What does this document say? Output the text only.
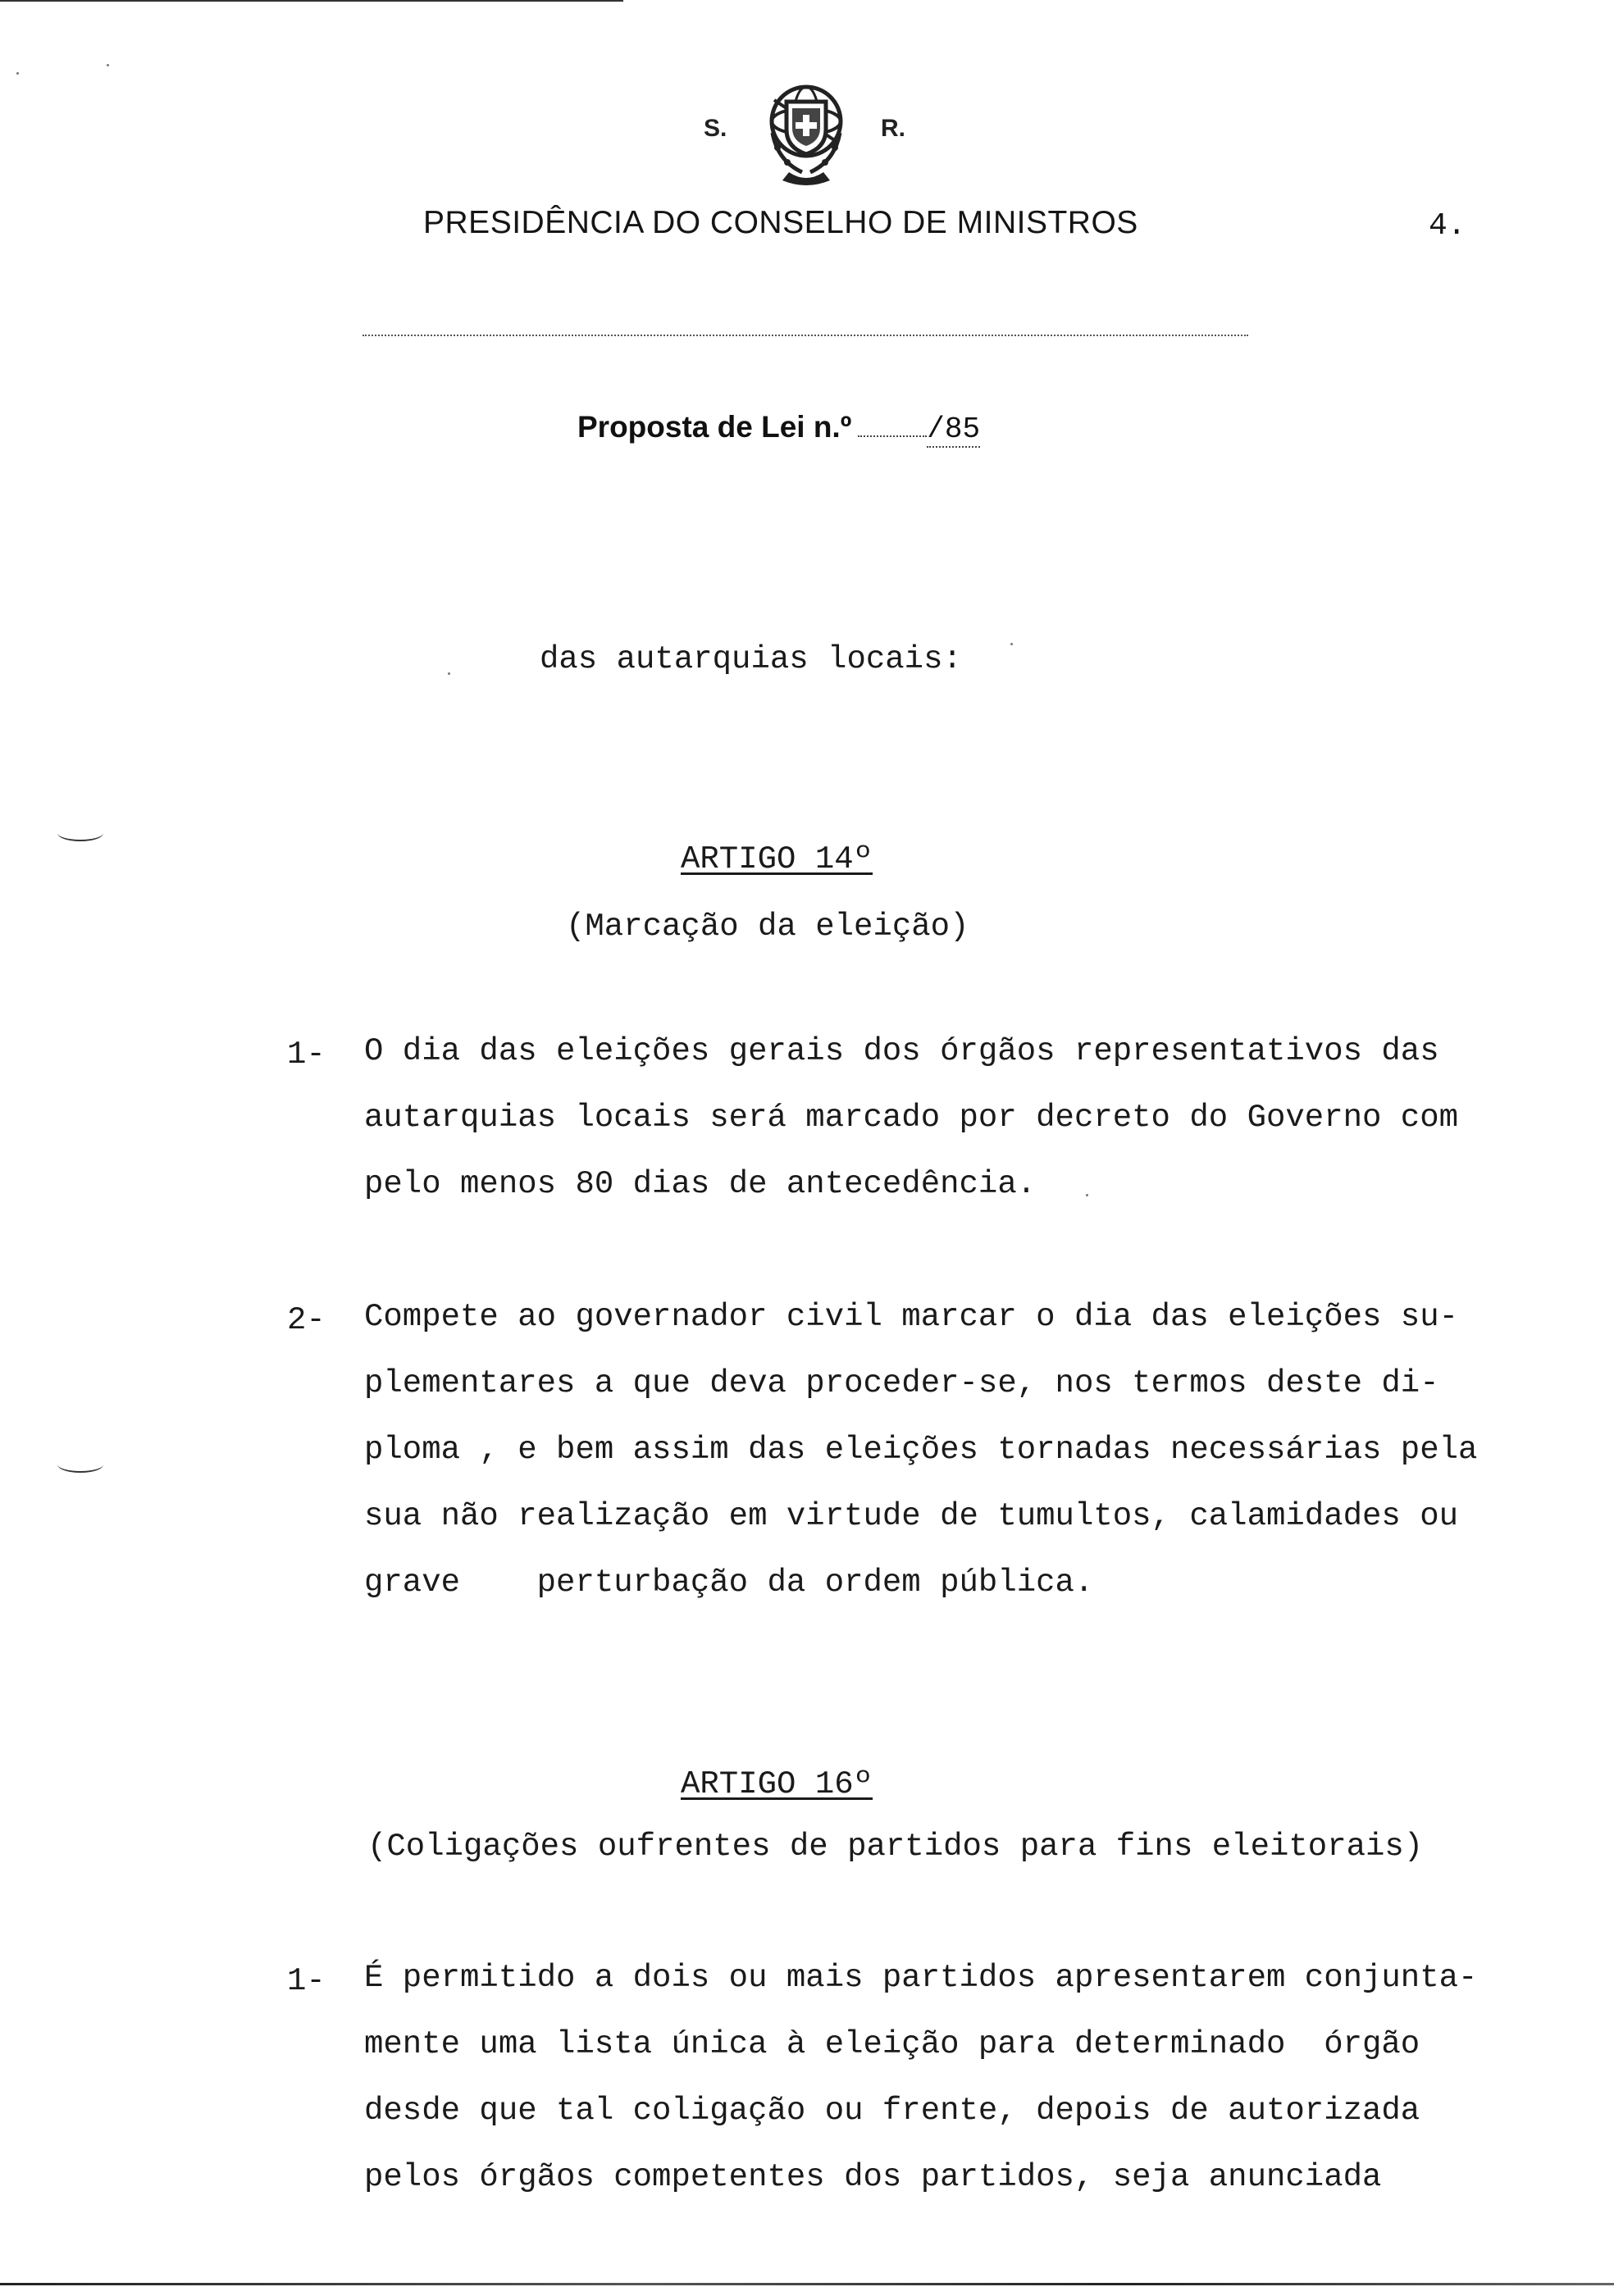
S.	R.
PRESIDÊNCIA DO CONSELHO DE MINISTROS	4.
Proposta de Lei n.º	/85
das autarquias locais:
ARTIGO 14º
(Marcação da eleição)
1- O dia das eleições gerais dos órgãos representativos das
autarquias locais será marcado por decreto do Governo com
pelo menos 80 dias de antecedência.
2- Compete ao governador civil marcar o dia das eleições su-
plementares a que deva proceder-se, nos termos deste di-
ploma , e bem assim das eleições tornadas necessárias pela
sua não realização em virtude de tumultos, calamidades ou
grave    perturbação da ordem pública.
ARTIGO 16º
(Coligações oufrentes de partidos para fins eleitorais)
1- É permitido a dois ou mais partidos apresentarem conjunta-
mente uma lista única à eleição para determinado  órgão
desde que tal coligação ou frente, depois de autorizada
pelos órgãos competentes dos partidos, seja anunciada
